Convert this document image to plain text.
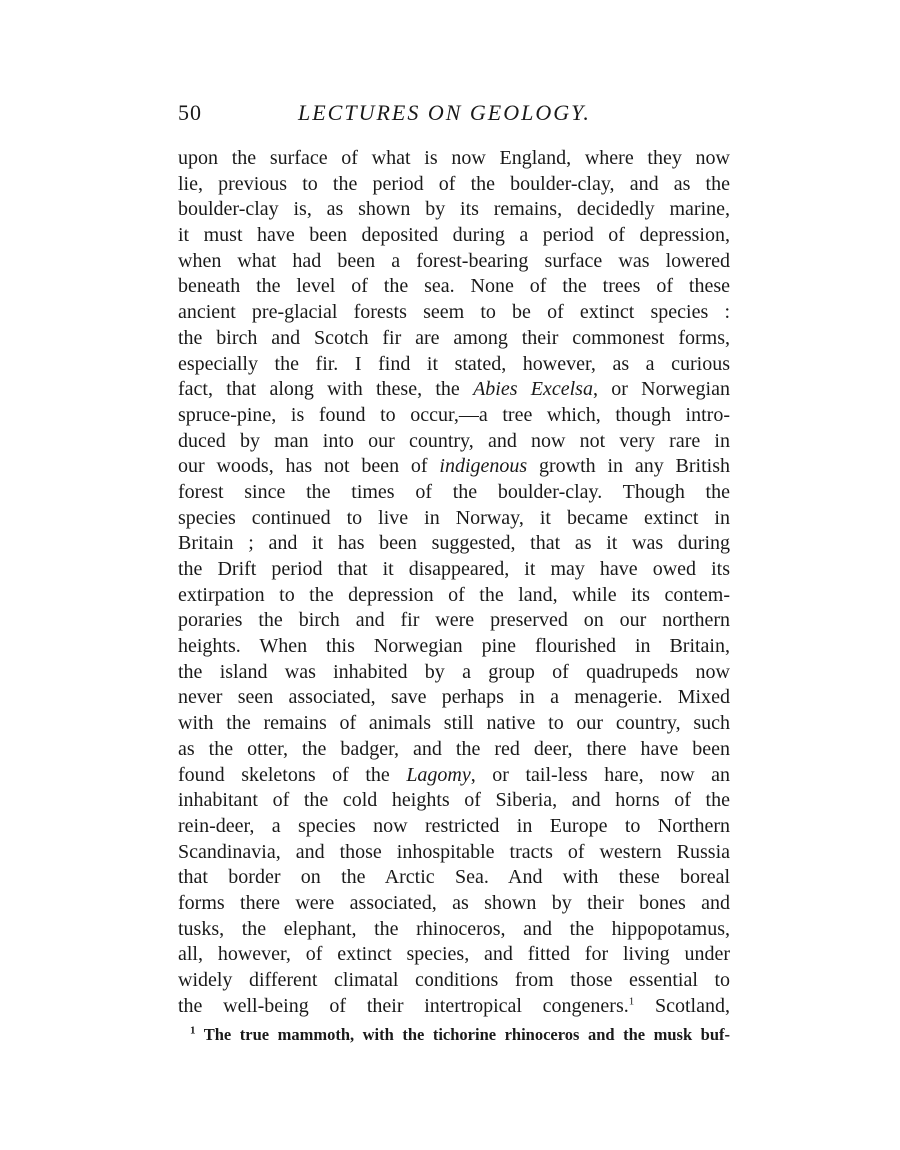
50	LECTURES ON GEOLOGY.
upon the surface of what is now England, where they now
lie, previous to the period of the boulder-clay, and as the
boulder-clay is, as shown by its remains, decidedly marine,
it must have been deposited during a period of depression,
when what had been a forest-bearing surface was lowered
beneath the level of the sea. None of the trees of these
ancient pre-glacial forests seem to be of extinct species :
the birch and Scotch fir are among their commonest forms,
especially the fir. I find it stated, however, as a curious
fact, that along with these, the Abies Excelsa, or Norwegian
spruce-pine, is found to occur,—a tree which, though intro-
duced by man into our country, and now not very rare in
our woods, has not been of indigenous growth in any British
forest since the times of the boulder-clay. Though the
species continued to live in Norway, it became extinct in
Britain ; and it has been suggested, that as it was during
the Drift period that it disappeared, it may have owed its
extirpation to the depression of the land, while its contem-
poraries the birch and fir were preserved on our northern
heights. When this Norwegian pine flourished in Britain,
the island was inhabited by a group of quadrupeds now
never seen associated, save perhaps in a menagerie. Mixed
with the remains of animals still native to our country, such
as the otter, the badger, and the red deer, there have been
found skeletons of the Lagomy, or tail-less hare, now an
inhabitant of the cold heights of Siberia, and horns of the
rein-deer, a species now restricted in Europe to Northern
Scandinavia, and those inhospitable tracts of western Russia
that border on the Arctic Sea. And with these boreal
forms there were associated, as shown by their bones and
tusks, the elephant, the rhinoceros, and the hippopotamus,
all, however, of extinct species, and fitted for living under
widely different climatal conditions from those essential to
the well-being of their intertropical congeners.$^1$ Scotland,
$^1$ The true mammoth, with the tichorine rhinoceros and the musk buf-
